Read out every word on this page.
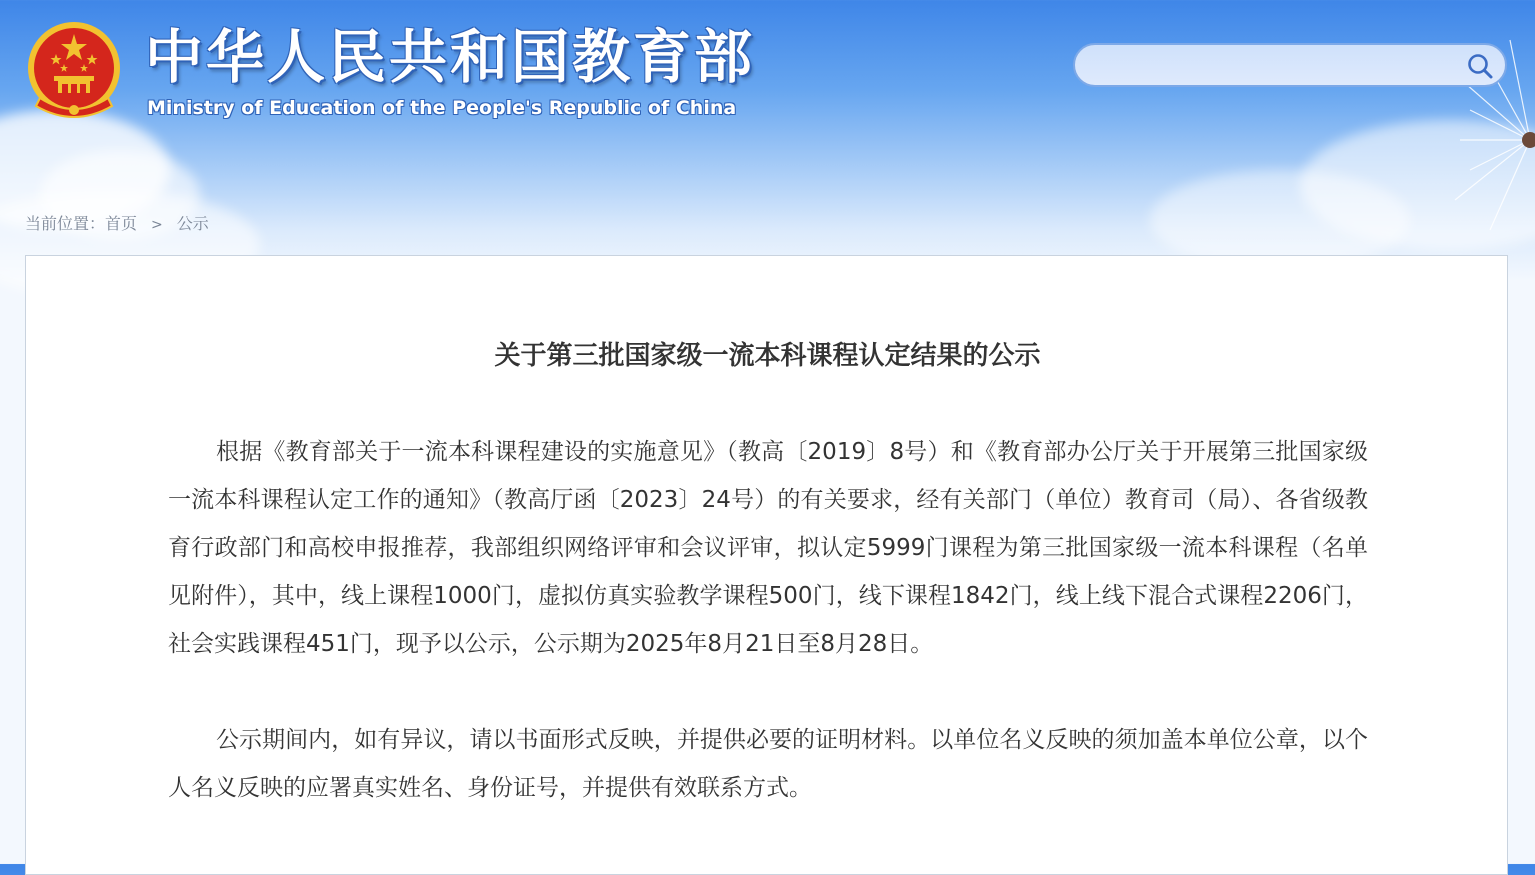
中华人民共和国教育部

Ministry of Education of the People's Republic of China

当前位置：首页 > 公示
关于第三批国家级一流本科课程认定结果的公示

根据《教育部关于一流本科课程建设的实施意见》（教高〔2019〕8号）和《教育部办公厅关于开展第三批国家级一流本科课程认定工作的通知》（教高厅函〔2023〕24号）的有关要求，经有关部门（单位）教育司（局）、各省级教育行政部门和高校申报推荐，我部组织网络评审和会议评审，拟认定5999门课程为第三批国家级一流本科课程（名单见附件），其中，线上课程1000门，虚拟仿真实验教学课程500门，线下课程1842门，线上线下混合式课程2206门，社会实践课程451门，现予以公示，公示期为2025年8月21日至8月28日。

公示期间内，如有异议，请以书面形式反映，并提供必要的证明材料。以单位名义反映的须加盖本单位公章，以个人名义反映的应署真实姓名、身份证号，并提供有效联系方式。
